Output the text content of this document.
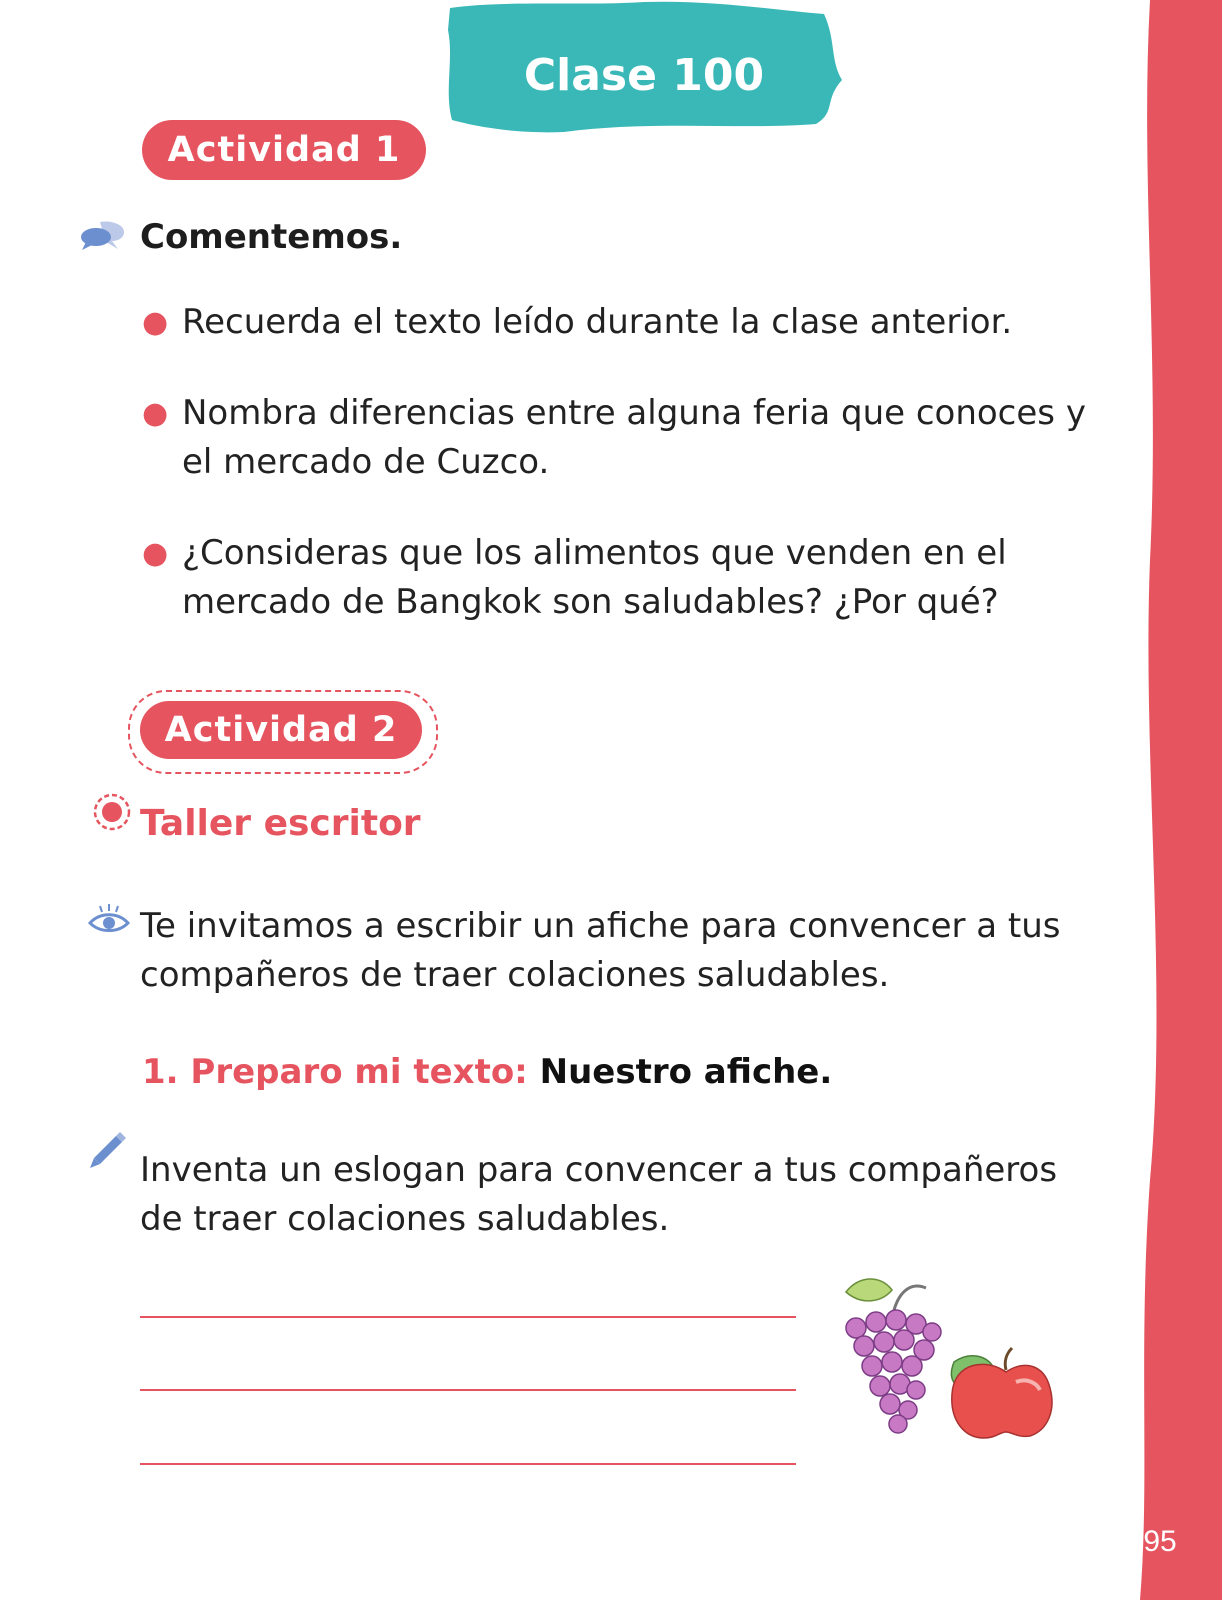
95
Clase 100
Actividad 1
Comentemos.
● Recuerda el texto leído durante la clase anterior.
● Nombra diferencias entre alguna feria que conoces y el mercado de Cuzco.
● ¿Consideras que los alimentos que venden en el mercado de Bangkok son saludables? ¿Por qué?
Actividad 2
Taller escritor
Te invitamos a escribir un afiche para convencer a tus compañeros de traer colaciones saludables.
1. Preparo mi texto: Nuestro afiche.
Inventa un eslogan para convencer a tus compañeros de traer colaciones saludables.
